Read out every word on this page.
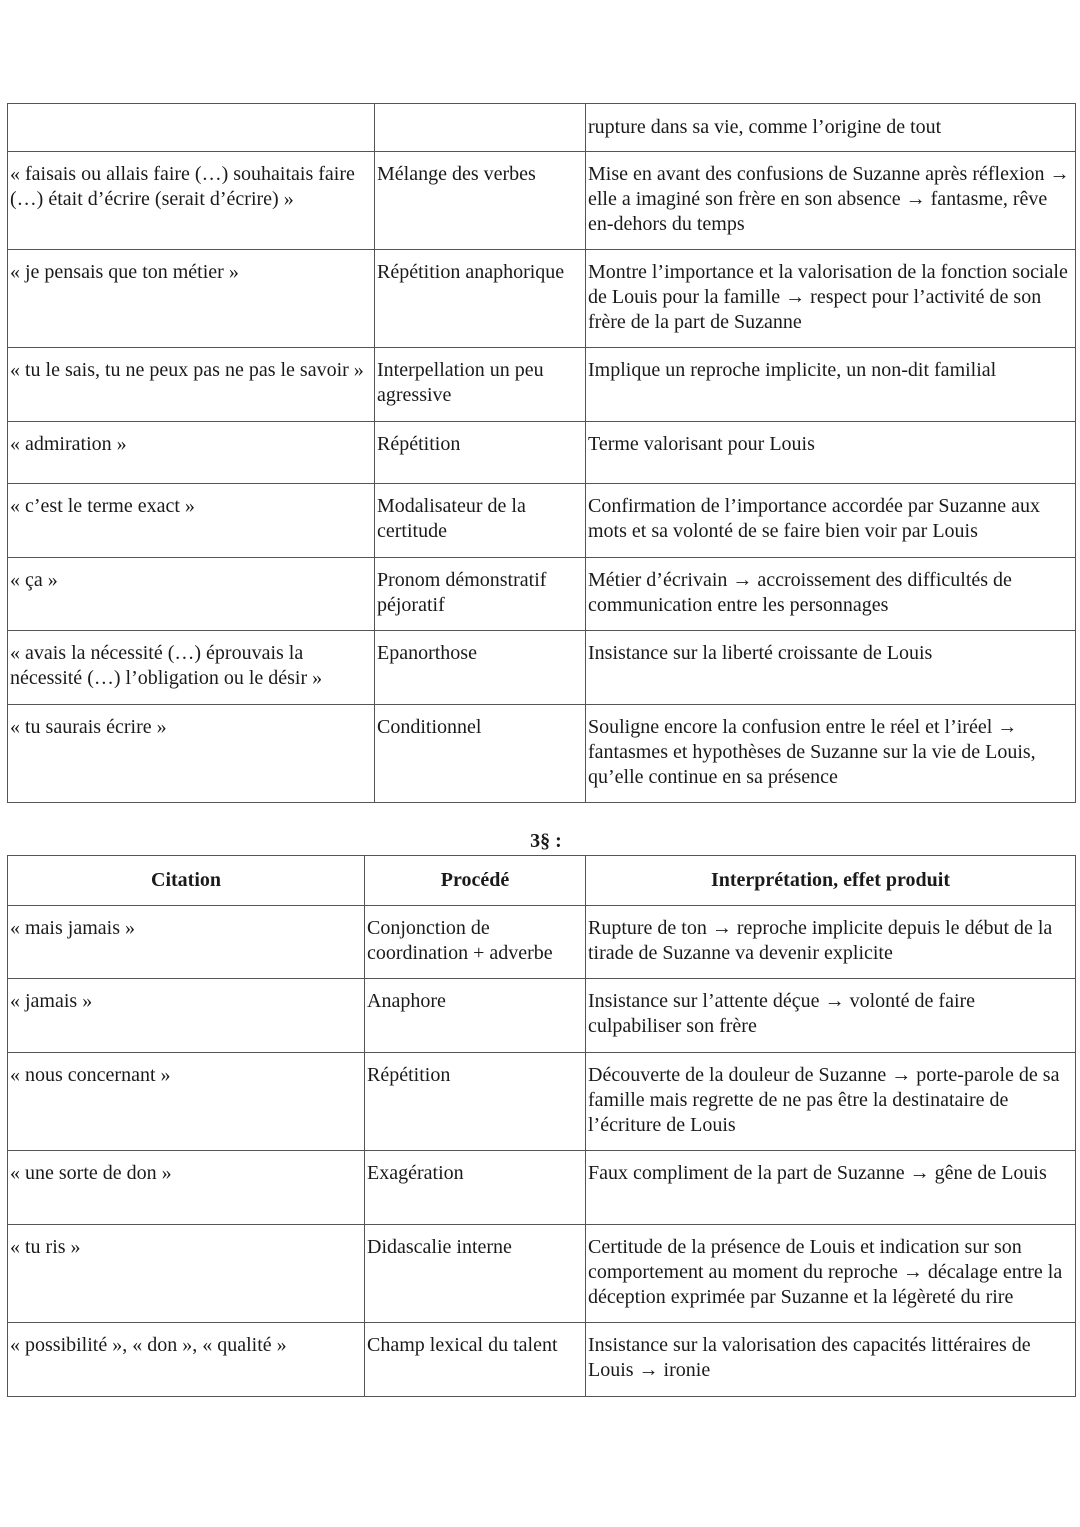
		rupture dans sa vie, comme l’origine de tout
« faisais ou allais faire (…) souhaitais faire (…) était d’écrire (serait d’écrire) »	Mélange des verbes	Mise en avant des confusions de Suzanne après réflexion → elle a imaginé son frère en son absence → fantasme, rêve en-dehors du temps
« je pensais que ton métier »	Répétition anaphorique	Montre l’importance et la valorisation de la fonction sociale de Louis pour la famille → respect pour l’activité de son frère de la part de Suzanne
« tu le sais, tu ne peux pas ne pas le savoir »	Interpellation un peu agressive	Implique un reproche implicite, un non-dit familial
« admiration »	Répétition	Terme valorisant pour Louis
« c’est le terme exact »	Modalisateur de la certitude	Confirmation de l’importance accordée par Suzanne aux mots et sa volonté de se faire bien voir par Louis
« ça »	Pronom démonstratif péjoratif	Métier d’écrivain → accroissement des difficultés de communication entre les personnages
« avais la nécessité (…) éprouvais la nécessité (…) l’obligation ou le désir »	Epanorthose	Insistance sur la liberté croissante de Louis
« tu saurais écrire »	Conditionnel	Souligne encore la confusion entre le réel et l’iréel → fantasmes et hypothèses de Suzanne sur la vie de Louis, qu’elle continue en sa présence
3§ :
Citation	Procédé	Interprétation, effet produit
« mais jamais »	Conjonction de coordination + adverbe	Rupture de ton → reproche implicite depuis le début de la tirade de Suzanne va devenir explicite
« jamais »	Anaphore	Insistance sur l’attente déçue → volonté de faire culpabiliser son frère
« nous concernant »	Répétition	Découverte de la douleur de Suzanne → porte-parole de sa famille mais regrette de ne pas être la destinataire de l’écriture de Louis
« une sorte de don »	Exagération	Faux compliment de la part de Suzanne → gêne de Louis
« tu ris »	Didascalie interne	Certitude de la présence de Louis et indication sur son comportement au moment du reproche → décalage entre la déception exprimée par Suzanne et la légèreté du rire
« possibilité », « don », « qualité »	Champ lexical du talent	Insistance sur la valorisation des capacités littéraires de Louis → ironie
